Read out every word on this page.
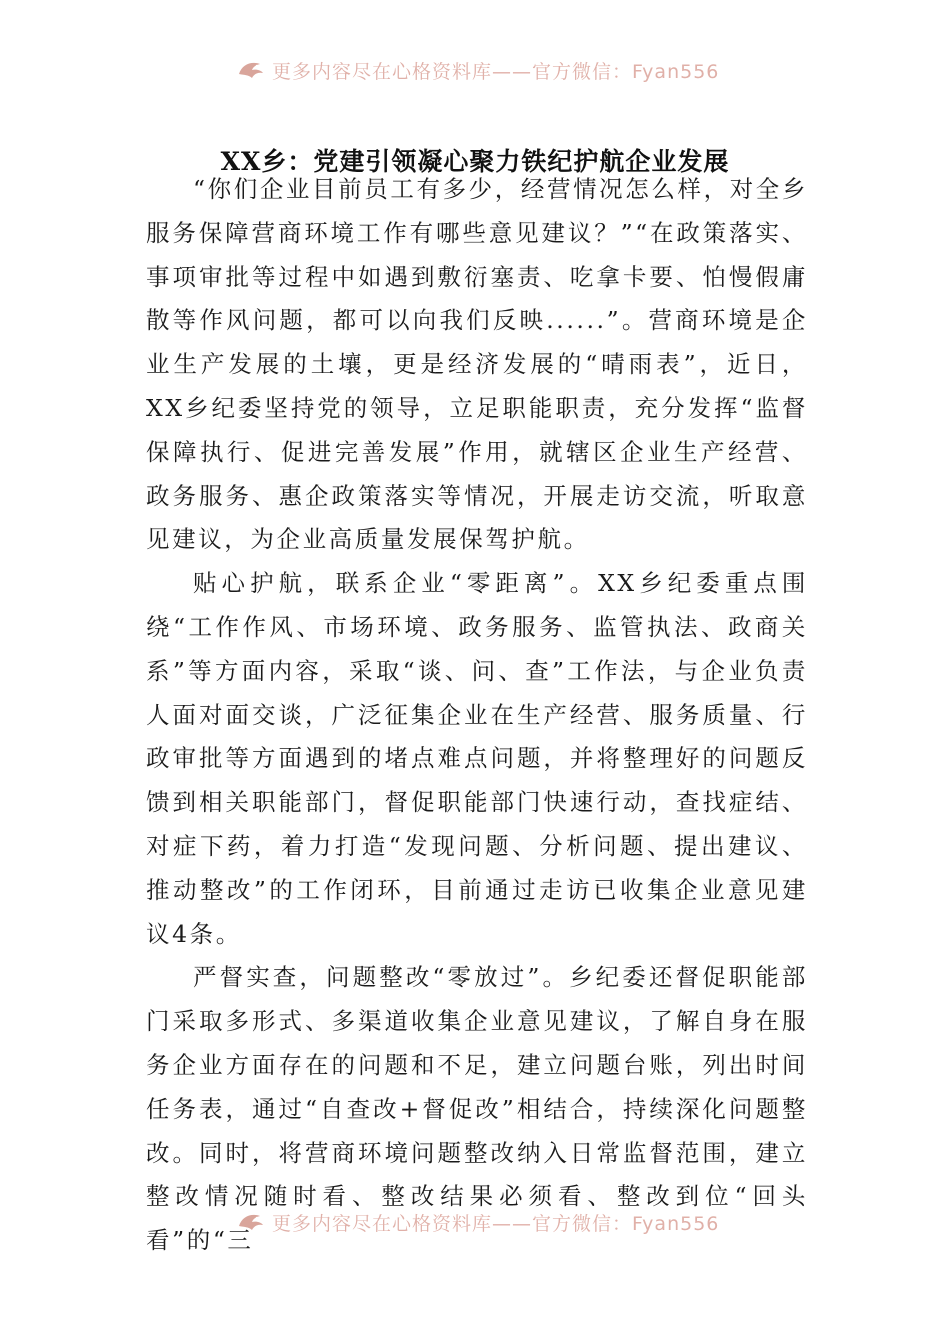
更多内容尽在心格资料库——官方微信：Fyan556
XX乡：党建引领凝心聚力铁纪护航企业发展

“你们企业目前员工有多少，经营情况怎么样，对全乡服务保障营商环境工作有哪些意见建议？”“在政策落实、事项审批等过程中如遇到敷衍塞责、吃拿卡要、怕慢假庸散等作风问题，都可以向我们反映......”。营商环境是企业生产发展的土壤，更是经济发展的“晴雨表”，近日，XX乡纪委坚持党的领导，立足职能职责，充分发挥“监督保障执行、促进完善发展”作用，就辖区企业生产经营、政务服务、惠企政策落实等情况，开展走访交流，听取意见建议，为企业高质量发展保驾护航。

贴心护航，联系企业“零距离”。XX乡纪委重点围绕“工作作风、市场环境、政务服务、监管执法、政商关系”等方面内容，采取“谈、问、查”工作法，与企业负责人面对面交谈，广泛征集企业在生产经营、服务质量、行政审批等方面遇到的堵点难点问题，并将整理好的问题反馈到相关职能部门，督促职能部门快速行动，查找症结、对症下药，着力打造“发现问题、分析问题、提出建议、推动整改”的工作闭环，目前通过走访已收集企业意见建议4条。

严督实查，问题整改“零放过”。乡纪委还督促职能部门采取多形式、多渠道收集企业意见建议，了解自身在服务企业方面存在的问题和不足，建立问题台账，列出时间任务表，通过“自查改+督促改”相结合，持续深化问题整改。同时，将营商环境问题整改纳入日常监督范围，建立整改情况随时看、整改结果必须看、整改到位“回头看”的“三

更多内容尽在心格资料库——官方微信：Fyan556
